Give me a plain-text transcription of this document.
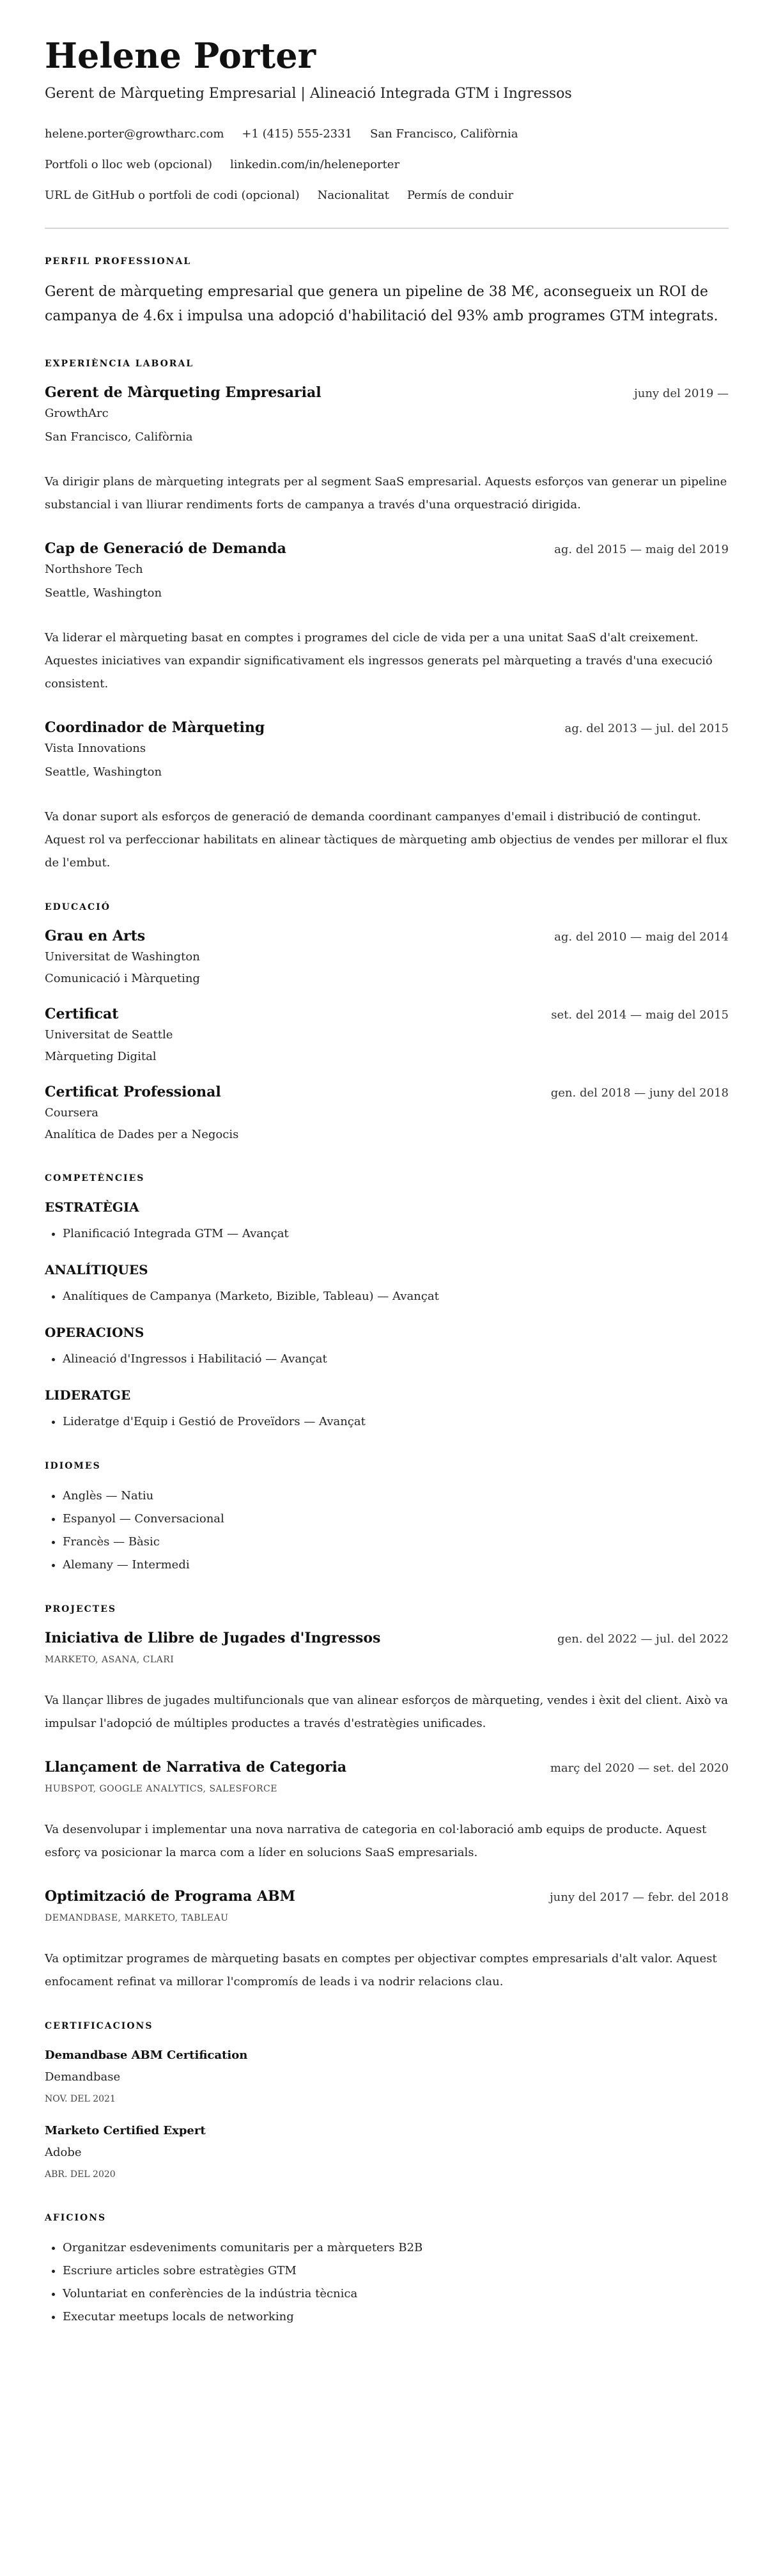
Helene Porter
Gerent de Màrqueting Empresarial | Alineació Integrada GTM i Ingressos
helene.porter@growtharc.com +1 (415) 555-2331 San Francisco, Califòrnia
Portfoli o lloc web (opcional) linkedin.com/in/heleneporter
URL de GitHub o portfoli de codi (opcional) Nacionalitat Permís de conduir
PERFIL PROFESSIONAL

Gerent de màrqueting empresarial que genera un pipeline de 38 M€, aconsegueix un ROI de campanya de 4.6x i impulsa una adopció d'habilitació del 93% amb programes GTM integrats.

EXPERIÈNCIA LABORAL
Gerent de Màrqueting Empresarial	juny del 2019 —
GrowthArc
San Francisco, Califòrnia
Va dirigir plans de màrqueting integrats per al segment SaaS empresarial. Aquests esforços van generar un pipeline substancial i van lliurar rendiments forts de campanya a través d'una orquestració dirigida.
Cap de Generació de Demanda	ag. del 2015 — maig del 2019
Northshore Tech
Seattle, Washington
Va liderar el màrqueting basat en comptes i programes del cicle de vida per a una unitat SaaS d'alt creixement. Aquestes iniciatives van expandir significativament els ingressos generats pel màrqueting a través d'una execució consistent.
Coordinador de Màrqueting	ag. del 2013 — jul. del 2015
Vista Innovations
Seattle, Washington
Va donar suport als esforços de generació de demanda coordinant campanyes d'email i distribució de contingut. Aquest rol va perfeccionar habilitats en alinear tàctiques de màrqueting amb objectius de vendes per millorar el flux de l'embut.
EDUCACIÓ
Grau en Arts	ag. del 2010 — maig del 2014
Universitat de Washington
Comunicació i Màrqueting
Certificat	set. del 2014 — maig del 2015
Universitat de Seattle
Màrqueting Digital
Certificat Professional	gen. del 2018 — juny del 2018
Coursera
Analítica de Dades per a Negocis
COMPETÈNCIES
ESTRATÈGIA
• Planificació Integrada GTM — Avançat
ANALÍTIQUES
• Analítiques de Campanya (Marketo, Bizible, Tableau) — Avançat
OPERACIONS
• Alineació d'Ingressos i Habilitació — Avançat
LIDERATGE
• Lideratge d'Equip i Gestió de Proveïdors — Avançat
IDIOMES
• Anglès — Natiu
• Espanyol — Conversacional
• Francès — Bàsic
• Alemany — Intermedi
PROJECTES
Iniciativa de Llibre de Jugades d'Ingressos	gen. del 2022 — jul. del 2022
MARKETO, ASANA, CLARI
Va llançar llibres de jugades multifuncionals que van alinear esforços de màrqueting, vendes i èxit del client. Això va impulsar l'adopció de múltiples productes a través d'estratègies unificades.
Llançament de Narrativa de Categoria	març del 2020 — set. del 2020
HUBSPOT, GOOGLE ANALYTICS, SALESFORCE
Va desenvolupar i implementar una nova narrativa de categoria en col·laboració amb equips de producte. Aquest esforç va posicionar la marca com a líder en solucions SaaS empresarials.
Optimització de Programa ABM	juny del 2017 — febr. del 2018
DEMANDBASE, MARKETO, TABLEAU
Va optimitzar programes de màrqueting basats en comptes per objectivar comptes empresarials d'alt valor. Aquest enfocament refinat va millorar l'compromís de leads i va nodrir relacions clau.
CERTIFICACIONS
Demandbase ABM Certification
Demandbase
NOV. DEL 2021
Marketo Certified Expert
Adobe
ABR. DEL 2020
AFICIONS
• Organitzar esdeveniments comunitaris per a màrqueters B2B
• Escriure articles sobre estratègies GTM
• Voluntariat en conferències de la indústria tècnica
• Executar meetups locals de networking
